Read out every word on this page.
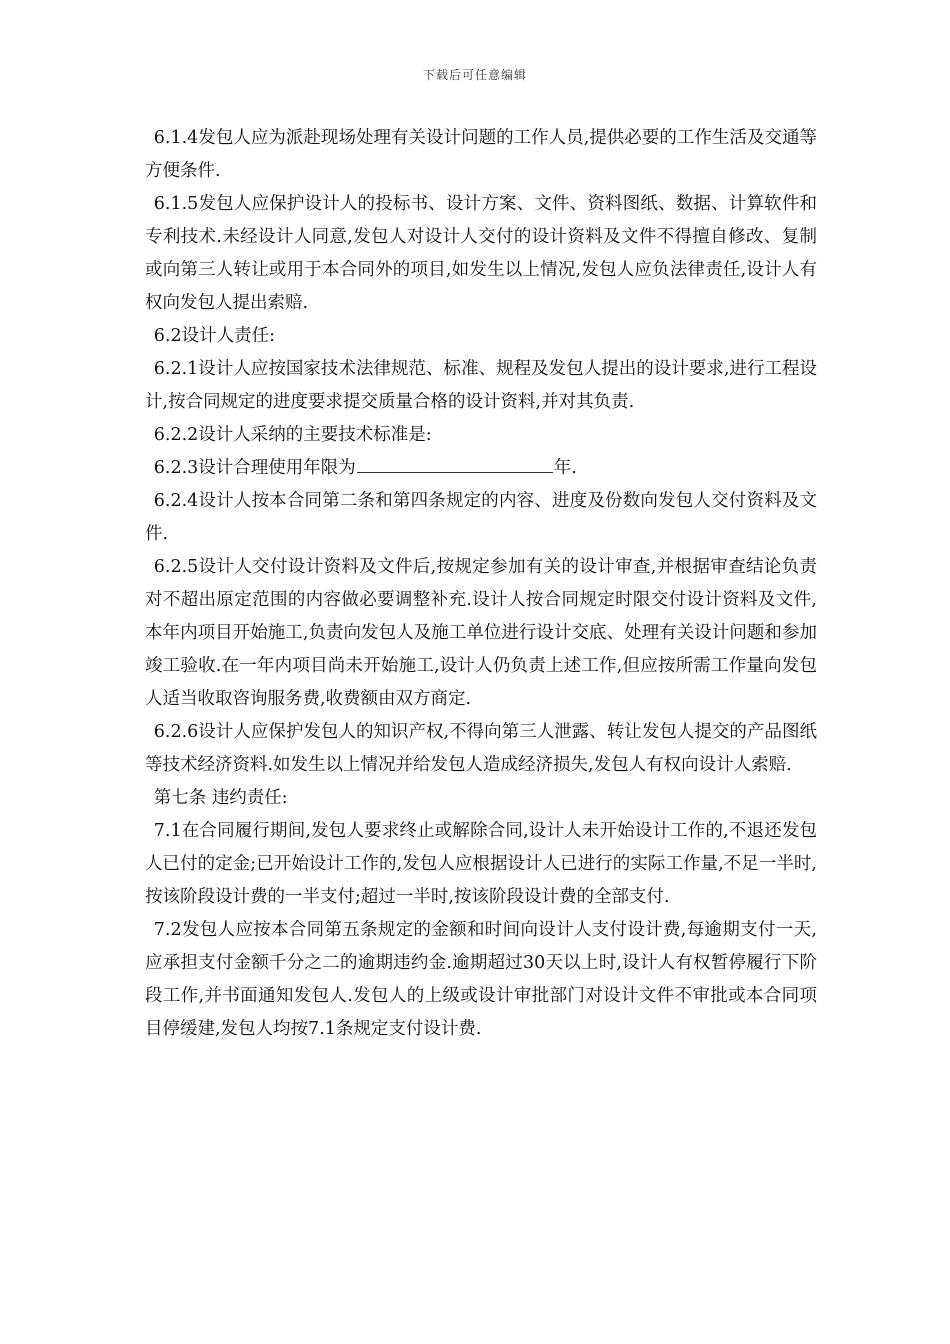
下载后可任意编辑

6.1.4发包人应为派赴现场处理有关设计问题的工作人员,提供必要的工作生活及交通等方便条件.

6.1.5发包人应保护设计人的投标书、设计方案、文件、资料图纸、数据、计算软件和专利技术.未经设计人同意,发包人对设计人交付的设计资料及文件不得擅自修改、复制或向第三人转让或用于本合同外的项目,如发生以上情况,发包人应负法律责任,设计人有权向发包人提出索赔.

6.2设计人责任:

6.2.1设计人应按国家技术法律规范、标准、规程及发包人提出的设计要求,进行工程设计,按合同规定的进度要求提交质量合格的设计资料,并对其负责.

6.2.2设计人采纳的主要技术标准是:

6.2.3设计合理使用年限为	年.

6.2.4设计人按本合同第二条和第四条规定的内容、进度及份数向发包人交付资料及文件.

6.2.5设计人交付设计资料及文件后,按规定参加有关的设计审查,并根据审查结论负责对不超出原定范围的内容做必要调整补充.设计人按合同规定时限交付设计资料及文件,本年内项目开始施工,负责向发包人及施工单位进行设计交底、处理有关设计问题和参加竣工验收.在一年内项目尚未开始施工,设计人仍负责上述工作,但应按所需工作量向发包人适当收取咨询服务费,收费额由双方商定.

6.2.6设计人应保护发包人的知识产权,不得向第三人泄露、转让发包人提交的产品图纸等技术经济资料.如发生以上情况并给发包人造成经济损失,发包人有权向设计人索赔.

第七条 违约责任:

7.1在合同履行期间,发包人要求终止或解除合同,设计人未开始设计工作的,不退还发包人已付的定金;已开始设计工作的,发包人应根据设计人已进行的实际工作量,不足一半时,按该阶段设计费的一半支付;超过一半时,按该阶段设计费的全部支付.

7.2发包人应按本合同第五条规定的金额和时间向设计人支付设计费,每逾期支付一天,应承担支付金额千分之二的逾期违约金.逾期超过30天以上时,设计人有权暂停履行下阶段工作,并书面通知发包人.发包人的上级或设计审批部门对设计文件不审批或本合同项目停缓建,发包人均按7.1条规定支付设计费.
